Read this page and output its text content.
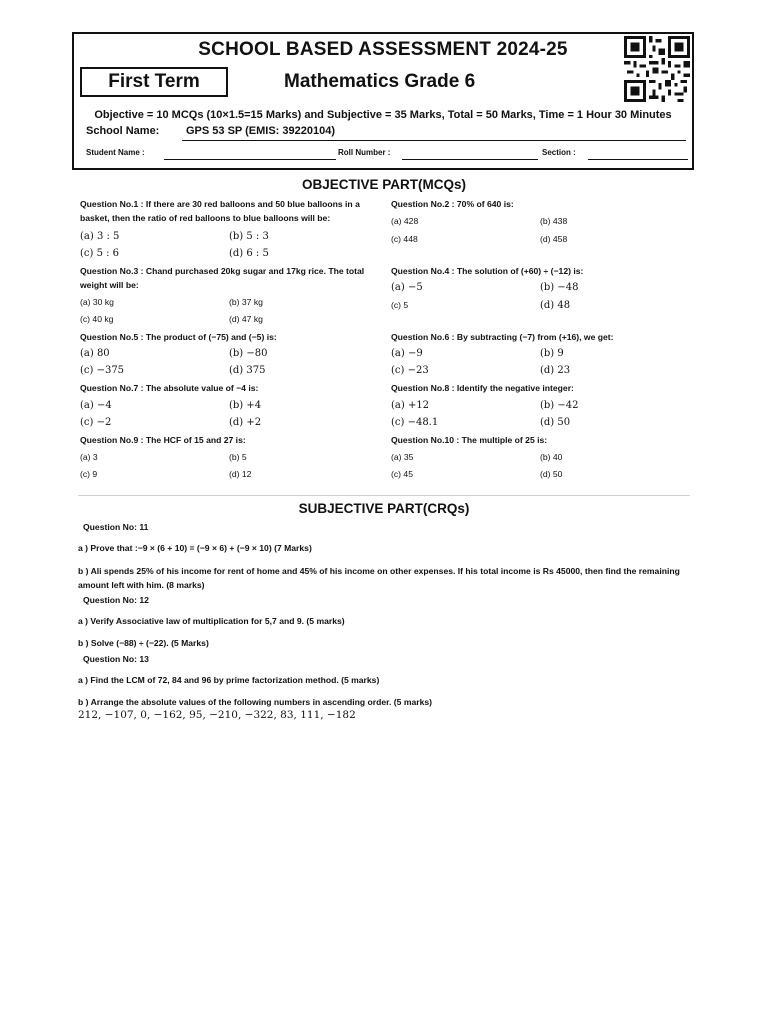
SCHOOL BASED ASSESSMENT 2024-25
First Term	Mathematics Grade 6
Objective = 10 MCQs (10×1.5=15 Marks) and Subjective = 35 Marks, Total = 50 Marks, Time = 1 Hour 30 Minutes
School Name: GPS 53 SP (EMIS: 39220104)
Student Name :	Roll Number :	Section :
OBJECTIVE PART(MCQs)
Question No.1 : If there are 30 red balloons and 50 blue balloons in a basket, then the ratio of red balloons to blue balloons will be:
(a) 3 : 5	(b) 5 : 3
(c) 5 : 6	(d) 6 : 5
Question No.2 : 70% of 640 is:
(a) 428	(b) 438
(c) 448	(d) 458
Question No.3 : Chand purchased 20kg sugar and 17kg rice. The total weight will be:
(a) 30 kg	(b) 37 kg
(c) 40 kg	(d) 47 kg
Question No.4 : The solution of (+60) ÷ (−12) is:
(a) −5	(b) −48
(c) 5	(d) 48
Question No.5 : The product of (−75) and (−5) is:
(a) 80	(b) −80
(c) −375	(d) 375
Question No.6 : By subtracting (−7) from (+16), we get:
(a) −9	(b) 9
(c) −23	(d) 23
Question No.7 : The absolute value of −4 is:
(a) −4	(b) +4
(c) −2	(d) +2
Question No.8 : Identify the negative integer:
(a) +12	(b) −42
(c) −48.1	(d) 50
Question No.9 : The HCF of 15 and 27 is:
(a) 3	(b) 5
(c) 9	(d) 12
Question No.10 : The multiple of 25 is:
(a) 35	(b) 40
(c) 45	(d) 50
SUBJECTIVE PART(CRQs)
Question No: 11
a ) Prove that :−9 × (6 + 10) = (−9 × 6) + (−9 × 10) (7 Marks)
b ) Ali spends 25% of his income for rent of home and 45% of his income on other expenses. If his total income is Rs 45000, then find the remaining amount left with him. (8 marks)
Question No: 12
a ) Verify Associative law of multiplication for 5,7 and 9. (5 marks)
b ) Solve (−88) ÷ (−22). (5 Marks)
Question No: 13
a ) Find the LCM of 72, 84 and 96 by prime factorization method. (5 marks)
b ) Arrange the absolute values of the following numbers in ascending order. (5 marks)
212, −107, 0, −162, 95, −210, −322, 83, 111, −182
